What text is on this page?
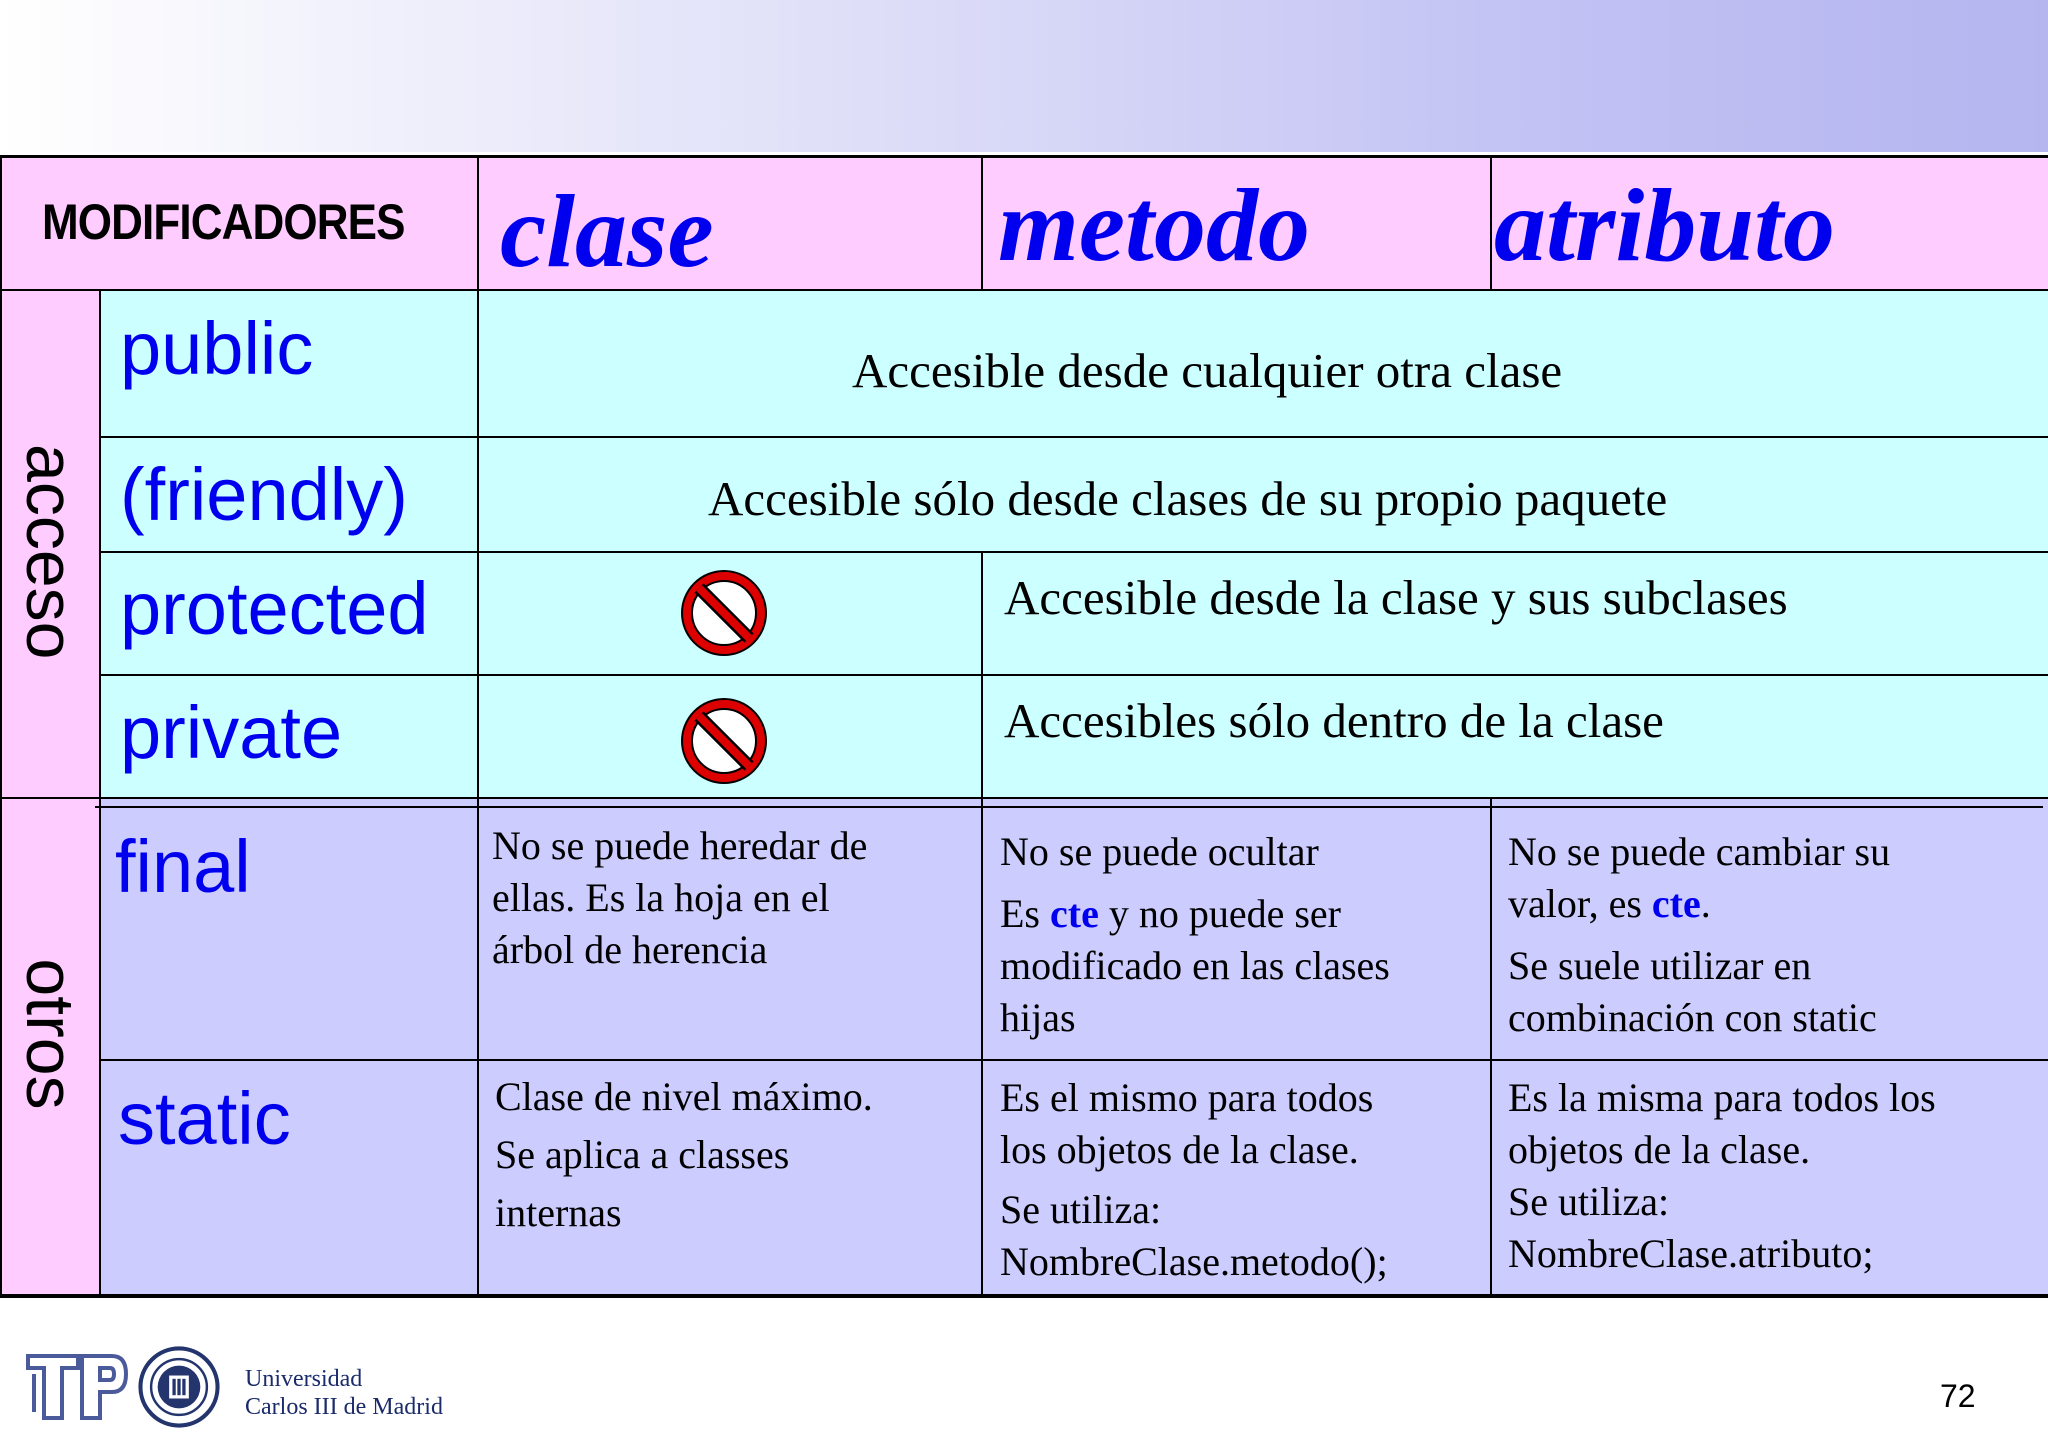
MODIFICADORES clase	metodo atributo
acceso
otros
public
(friendly)
protected
private
final
static
Accesible desde cualquier otra clase
Accesible sólo desde clases de su propio paquete
Accesible desde la clase y sus subclases
Accesibles sólo dentro de la clase
No se puede heredar de
ellas. Es la hoja en el
árbol de herencia
No se puede ocultar
Es cte y no puede ser
modificado en las clases
hijas
No se puede cambiar su
valor, es cte.
Se suele utilizar en
combinación con static
Clase de nivel máximo.
Se aplica a classes
internas
Es el mismo para todos
los objetos de la clase.
Se utiliza:
NombreClase.metodo();
Es la misma para todos los
objetos de la clase.
Se utiliza:
NombreClase.atributo;
Universidad
Carlos III de Madrid	72
